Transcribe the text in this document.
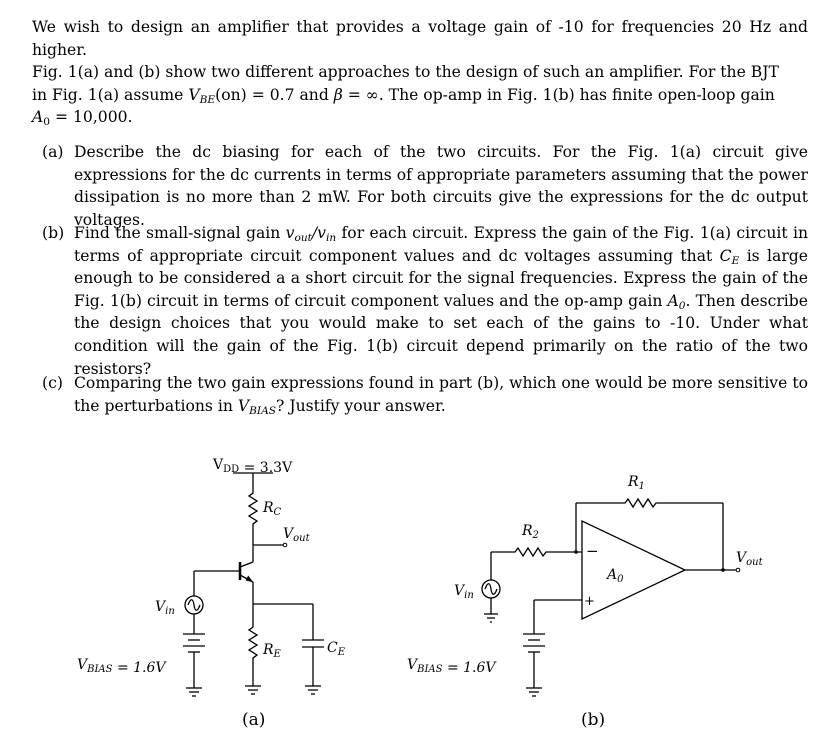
We wish to design an amplifier that provides a voltage gain of -10 for frequencies 20 Hz and higher.
Fig. 1(a) and (b) show two different approaches to the design of such an amplifier. For the BJT
in Fig. 1(a) assume $V_{BE}(on) = 0.7$ and β = ∞. The op-amp in Fig. 1(b) has finite open-loop gain
$A_0 = 10,000$.

(a) Describe the dc biasing for each of the two circuits. For the Fig. 1(a) circuit give expressions for the dc currents in terms of appropriate parameters assuming that the power dissipation is no more than 2 mW. For both circuits give the expressions for the dc output voltages.
(b) Find the small-signal gain $v_{out}/v_{in}$ for each circuit. Express the gain of the Fig. 1(a) circuit in terms of appropriate circuit component values and dc voltages assuming that $C_E$ is large enough to be considered a a short circuit for the signal frequencies. Express the gain of the Fig. 1(b) circuit in terms of circuit component values and the op-amp gain $A_0$. Then describe the design choices that you would make to set each of the gains to -10. Under what condition will the gain of the Fig. 1(b) circuit depend primarily on the ratio of the two resistors?
(c) Comparing the two gain expressions found in part (b), which one would be more sensitive to the perturbations in $V_{BIAS}$? Justify your answer.
$V_{DD} = 3.3V$
$R_C$
$V_{out}$
$V_{in}$
$R_E$	$C_E$
$V_{BIAS} = 1.6V$
(a)
$R_1$
$R_2$
$A_0$
−
+
$V_{out}$
$V_{in}$
$V_{BIAS} = 1.6V$
(b)
